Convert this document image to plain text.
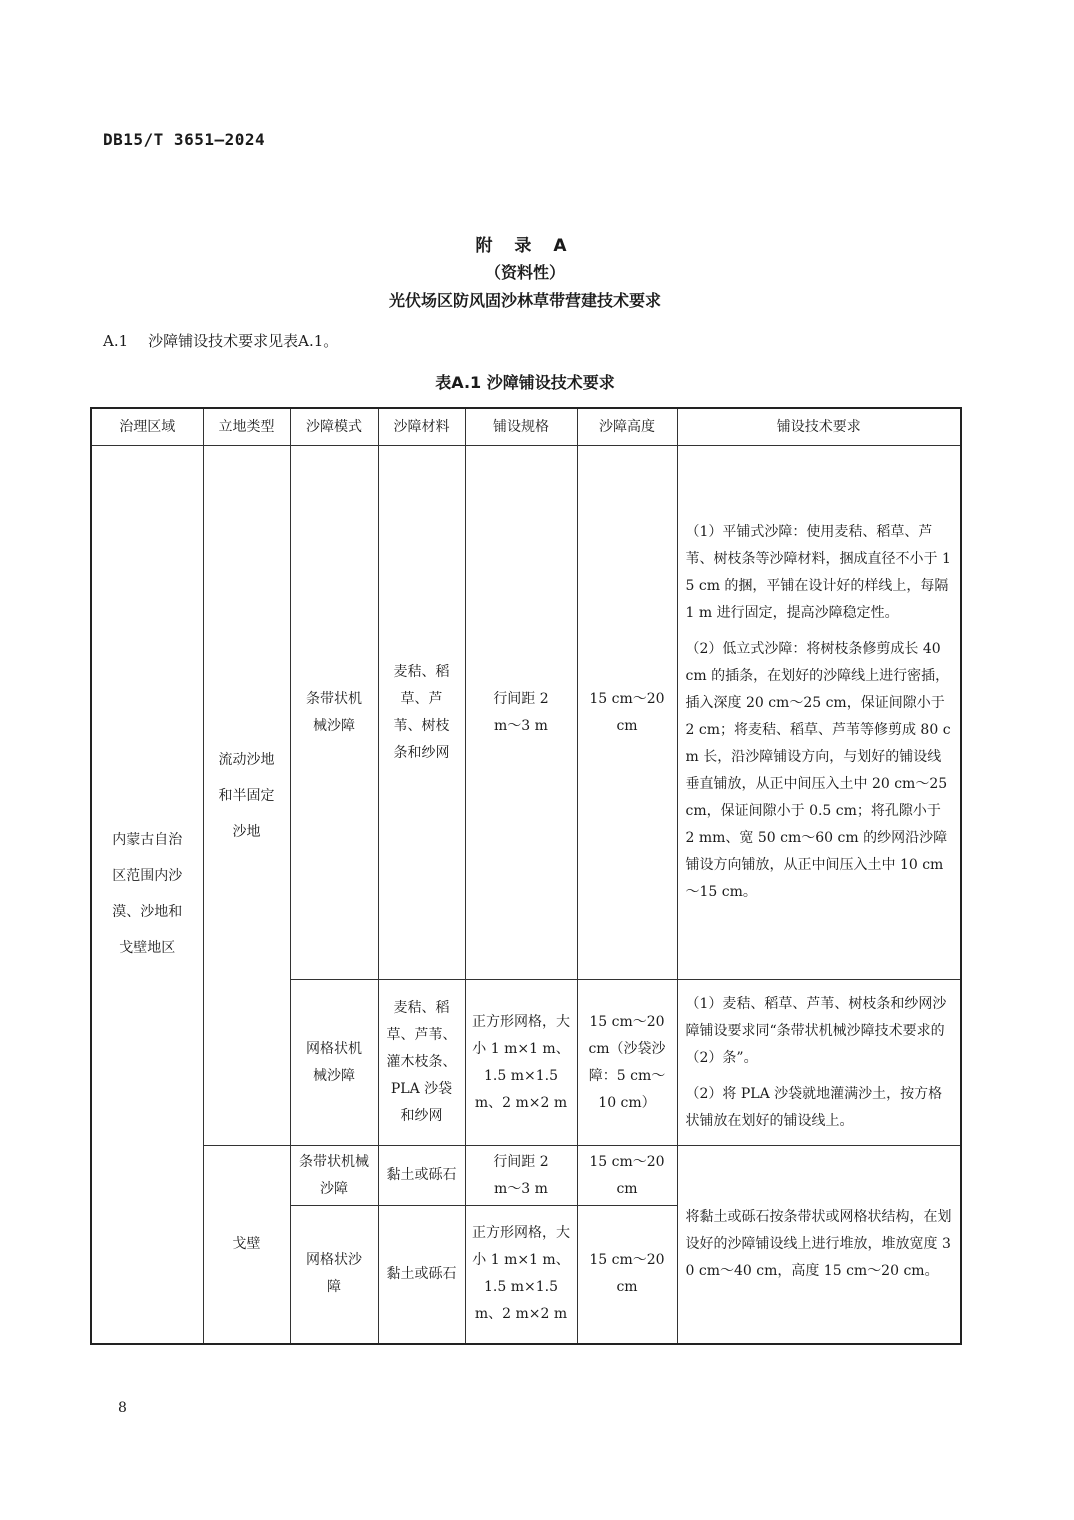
DB15/T 3651—2024
附 录 A
（资料性）
光伏场区防风固沙林草带营建技术要求
A.1 沙障铺设技术要求见表A.1。
表A.1 沙障铺设技术要求
治理区域	立地类型	沙障模式	沙障材料	铺设规格	沙障高度	铺设技术要求
内蒙古自治区范围内沙漠、沙地和戈壁地区	流动沙地和半固定沙地	条带状机械沙障	麦秸、稻草、芦苇、树枝条和纱网	行间距 2 m～3 m	15 cm～20 cm	（1）平铺式沙障：使用麦秸、稻草、芦苇、树枝条等沙障材料，捆成直径不小于 15 cm 的捆，平铺在设计好的样线上，每隔 1 m 进行固定，提高沙障稳定性。

（2）低立式沙障：将树枝条修剪成长 40 cm 的插条，在划好的沙障线上进行密插，插入深度 20 cm～25 cm，保证间隙小于 2 cm；将麦秸、稻草、芦苇等修剪成 80 cm 长，沿沙障铺设方向，与划好的铺设线垂直铺放，从正中间压入土中 20 cm～25 cm，保证间隙小于 0.5 cm；将孔隙小于 2 mm、宽 50 cm～60 cm 的纱网沿沙障铺设方向铺放，从正中间压入土中 10 cm～15 cm。

		网格状机械沙障	麦秸、稻草、芦苇、灌木枝条、PLA 沙袋和纱网	正方形网格，大小 1 m×1 m、1.5 m×1.5 m、2 m×2 m	15 cm～20 cm（沙袋沙障：5 cm～10 cm）	（1）麦秸、稻草、芦苇、树枝条和纱网沙障铺设要求同“条带状机械沙障技术要求的（2）条”。

（2）将 PLA 沙袋就地灌满沙土，按方格状铺放在划好的铺设线上。

	戈壁	条带状机械沙障	黏土或砾石	行间距 2 m～3 m	15 cm～20 cm	将黏土或砾石按条带状或网格状结构，在划设好的沙障铺设线上进行堆放，堆放宽度 30 cm～40 cm，高度 15 cm～20 cm。

		网格状沙障	黏土或砾石	正方形网格，大小 1 m×1 m、1.5 m×1.5 m、2 m×2 m	15 cm～20 cm	
8
